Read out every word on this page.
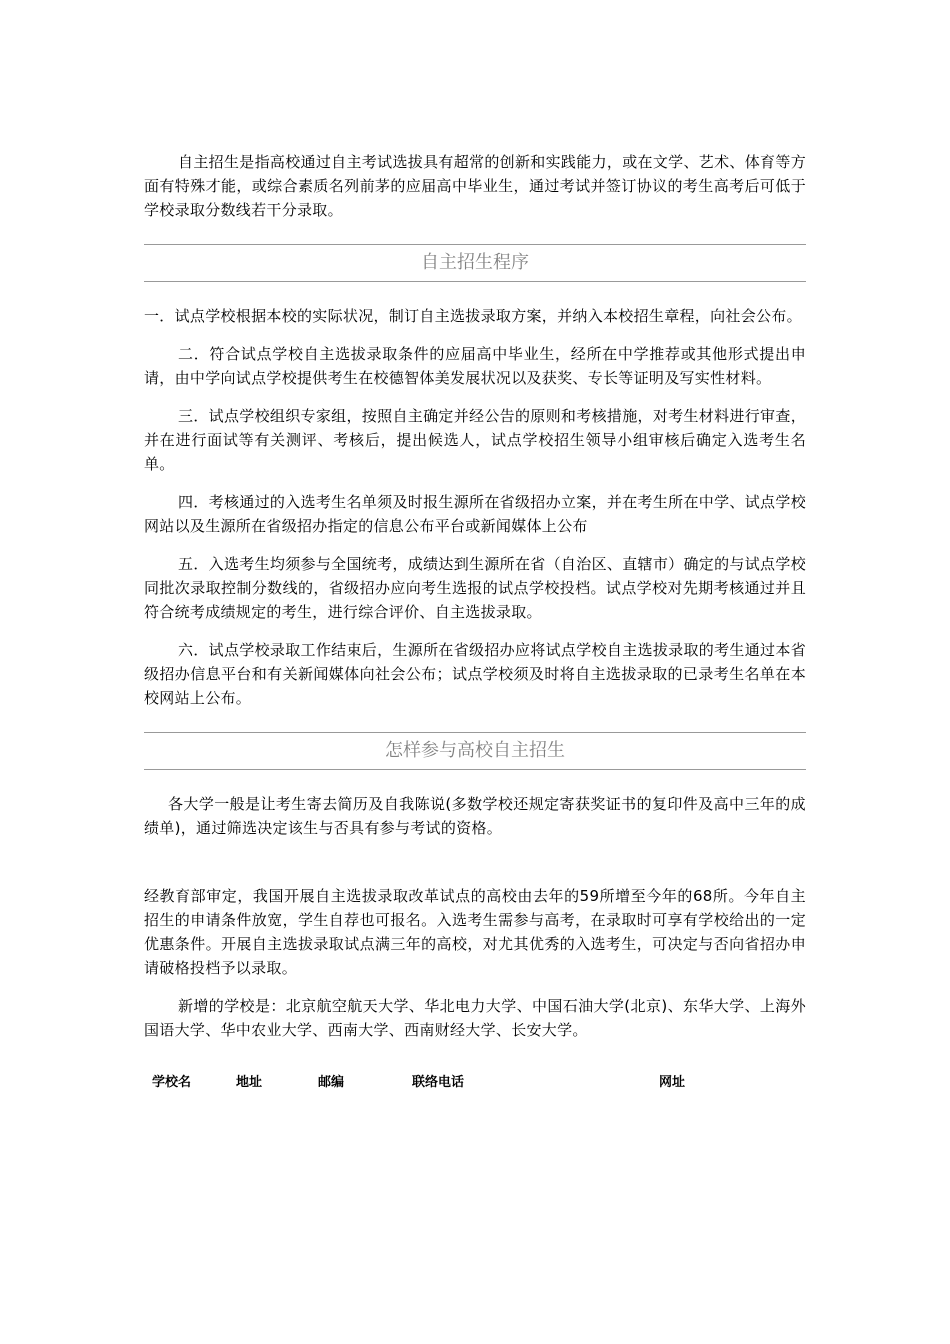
自主招生是指高校通过自主考试选拔具有超常的创新和实践能力，或在文学、艺术、体育等方面有特殊才能，或综合素质名列前茅的应届高中毕业生，通过考试并签订协议的考生高考后可低于学校录取分数线若干分录取。

自主招生程序

一．试点学校根据本校的实际状况，制订自主选拔录取方案，并纳入本校招生章程，向社会公布。

二．符合试点学校自主选拔录取条件的应届高中毕业生，经所在中学推荐或其他形式提出申请，由中学向试点学校提供考生在校德智体美发展状况以及获奖、专长等证明及写实性材料。

三．试点学校组织专家组，按照自主确定并经公告的原则和考核措施，对考生材料进行审查，并在进行面试等有关测评、考核后，提出候选人，试点学校招生领导小组审核后确定入选考生名单。

四．考核通过的入选考生名单须及时报生源所在省级招办立案，并在考生所在中学、试点学校网站以及生源所在省级招办指定的信息公布平台或新闻媒体上公布

五．入选考生均须参与全国统考，成绩达到生源所在省（自治区、直辖市）确定的与试点学校同批次录取控制分数线的，省级招办应向考生选报的试点学校投档。试点学校对先期考核通过并且符合统考成绩规定的考生，进行综合评价、自主选拔录取。

六．试点学校录取工作结束后，生源所在省级招办应将试点学校自主选拔录取的考生通过本省级招办信息平台和有关新闻媒体向社会公布；试点学校须及时将自主选拔录取的已录考生名单在本校网站上公布。

怎样参与高校自主招生

各大学一般是让考生寄去简历及自我陈说(多数学校还规定寄获奖证书的复印件及高中三年的成绩单)，通过筛选决定该生与否具有参与考试的资格。

经教育部审定，我国开展自主选拔录取改革试点的高校由去年的59所增至今年的68所。今年自主招生的申请条件放宽，学生自荐也可报名。入选考生需参与高考，在录取时可享有学校给出的一定优惠条件。开展自主选拔录取试点满三年的高校，对尤其优秀的入选考生，可决定与否向省招办申请破格投档予以录取。

新增的学校是：北京航空航天大学、华北电力大学、中国石油大学(北京)、东华大学、上海外国语大学、华中农业大学、西南大学、西南财经大学、长安大学。

学校名	地址	邮编	联络电话	网址
